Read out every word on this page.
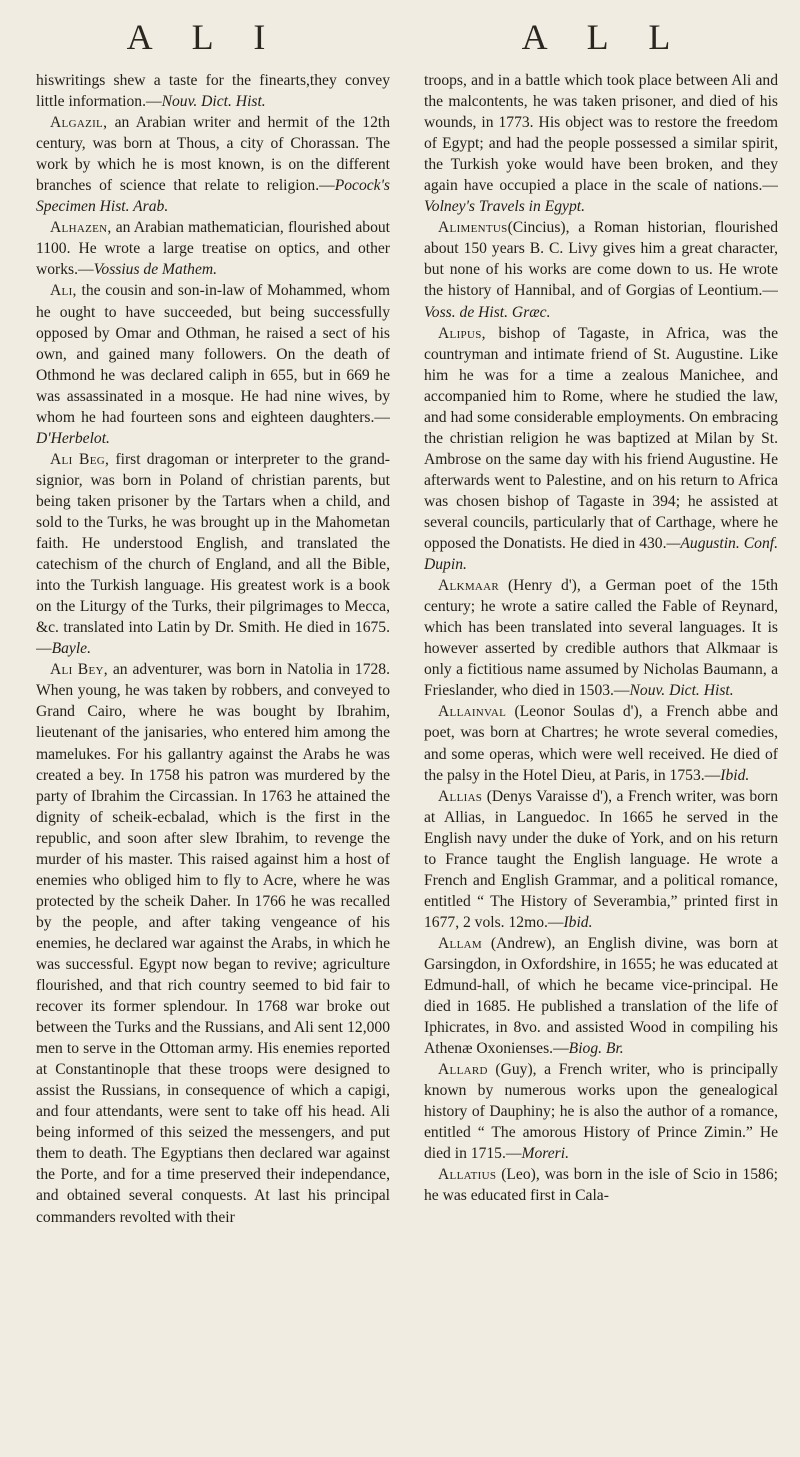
A L I	A L L

hiswritings shew a taste for the finearts,they convey little information.—Nouv. Dict. Hist.

Algazil, an Arabian writer and hermit of the 12th century, was born at Thous, a city of Chorassan. The work by which he is most known, is on the different branches of science that relate to religion.—Pocock's Specimen Hist. Arab.

Alhazen, an Arabian mathematician, flourished about 1100. He wrote a large treatise on optics, and other works.—Vossius de Mathem.

Ali, the cousin and son-in-law of Mohammed, whom he ought to have succeeded, but being successfully opposed by Omar and Othman, he raised a sect of his own, and gained many followers. On the death of Othmond he was declared caliph in 655, but in 669 he was assassinated in a mosque. He had nine wives, by whom he had fourteen sons and eighteen daughters.—D'Herbelot.

Ali Beg, first dragoman or interpreter to the grand-signior, was born in Poland of christian parents, but being taken prisoner by the Tartars when a child, and sold to the Turks, he was brought up in the Mahometan faith. He understood English, and translated the catechism of the church of England, and all the Bible, into the Turkish language. His greatest work is a book on the Liturgy of the Turks, their pilgrimages to Mecca, &c. translated into Latin by Dr. Smith. He died in 1675.—Bayle.

Ali Bey, an adventurer, was born in Natolia in 1728. When young, he was taken by robbers, and conveyed to Grand Cairo, where he was bought by Ibrahim, lieutenant of the janisaries, who entered him among the mamelukes. For his gallantry against the Arabs he was created a bey. In 1758 his patron was murdered by the party of Ibrahim the Circassian. In 1763 he attained the dignity of scheik-ecbalad, which is the first in the republic, and soon after slew Ibrahim, to revenge the murder of his master. This raised against him a host of enemies who obliged him to fly to Acre, where he was protected by the scheik Daher. In 1766 he was recalled by the people, and after taking vengeance of his enemies, he declared war against the Arabs, in which he was successful. Egypt now began to revive; agriculture flourished, and that rich country seemed to bid fair to recover its former splendour. In 1768 war broke out between the Turks and the Russians, and Ali sent 12,000 men to serve in the Ottoman army. His enemies reported at Constantinople that these troops were designed to assist the Russians, in consequence of which a capigi, and four attendants, were sent to take off his head. Ali being informed of this seized the messengers, and put them to death. The Egyptians then declared war against the Porte, and for a time preserved their independance, and obtained several conquests. At last his principal commanders revolted with their

troops, and in a battle which took place between Ali and the malcontents, he was taken prisoner, and died of his wounds, in 1773. His object was to restore the freedom of Egypt; and had the people possessed a similar spirit, the Turkish yoke would have been broken, and they again have occupied a place in the scale of nations.—Volney's Travels in Egypt.

Alimentus(Cincius), a Roman historian, flourished about 150 years B. C. Livy gives him a great character, but none of his works are come down to us. He wrote the history of Hannibal, and of Gorgias of Leontium.—Voss. de Hist. Græc.

Alipus, bishop of Tagaste, in Africa, was the countryman and intimate friend of St. Augustine. Like him he was for a time a zealous Manichee, and accompanied him to Rome, where he studied the law, and had some considerable employments. On embracing the christian religion he was baptized at Milan by St. Ambrose on the same day with his friend Augustine. He afterwards went to Palestine, and on his return to Africa was chosen bishop of Tagaste in 394; he assisted at several councils, particularly that of Carthage, where he opposed the Donatists. He died in 430.—Augustin. Conf. Dupin.

Alkmaar (Henry d'), a German poet of the 15th century; he wrote a satire called the Fable of Reynard, which has been translated into several languages. It is however asserted by credible authors that Alkmaar is only a fictitious name assumed by Nicholas Baumann, a Frieslander, who died in 1503.—Nouv. Dict. Hist.

Allainval (Leonor Soulas d'), a French abbe and poet, was born at Chartres; he wrote several comedies, and some operas, which were well received. He died of the palsy in the Hotel Dieu, at Paris, in 1753.—Ibid.

Allias (Denys Varaisse d'), a French writer, was born at Allias, in Languedoc. In 1665 he served in the English navy under the duke of York, and on his return to France taught the English language. He wrote a French and English Grammar, and a political romance, entitled “ The History of Severambia,” printed first in 1677, 2 vols. 12mo.—Ibid.

Allam (Andrew), an English divine, was born at Garsingdon, in Oxfordshire, in 1655; he was educated at Edmund-hall, of which he became vice-principal. He died in 1685. He published a translation of the life of Iphicrates, in 8vo. and assisted Wood in compiling his Athenæ Oxonienses.—Biog. Br.

Allard (Guy), a French writer, who is principally known by numerous works upon the genealogical history of Dauphiny; he is also the author of a romance, entitled “ The amorous History of Prince Zimin.” He died in 1715.—Moreri.

Allatius (Leo), was born in the isle of Scio in 1586; he was educated first in Cala-
